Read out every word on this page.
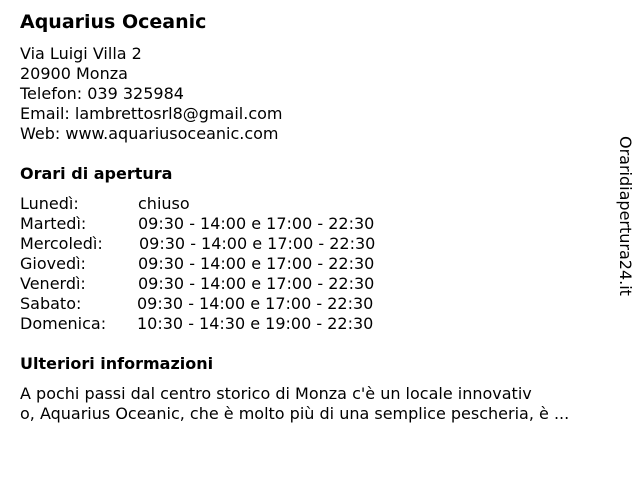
Aquarius Oceanic
Via Luigi Villa 2
20900 Monza
Telefon: 039 325984
Email: lambrettosrl8@gmail.com
Web: www.aquariusoceanic.com
Orari di apertura
Lunedì:	chiuso
Martedì:	09:30 - 14:00 e 17:00 - 22:30
Mercoledì: 09:30 - 14:00 e 17:00 - 22:30
Giovedì:	09:30 - 14:00 e 17:00 - 22:30
Venerdì:	09:30 - 14:00 e 17:00 - 22:30
Sabato:	09:30 - 14:00 e 17:00 - 22:30
Domenica: 10:30 - 14:30 e 19:00 - 22:30
Ulteriori informazioni
A pochi passi dal centro storico di Monza c'è un locale innovativ
o, Aquarius Oceanic, che è molto più di una semplice pescheria, è ...
Oraridiapertura24.it
